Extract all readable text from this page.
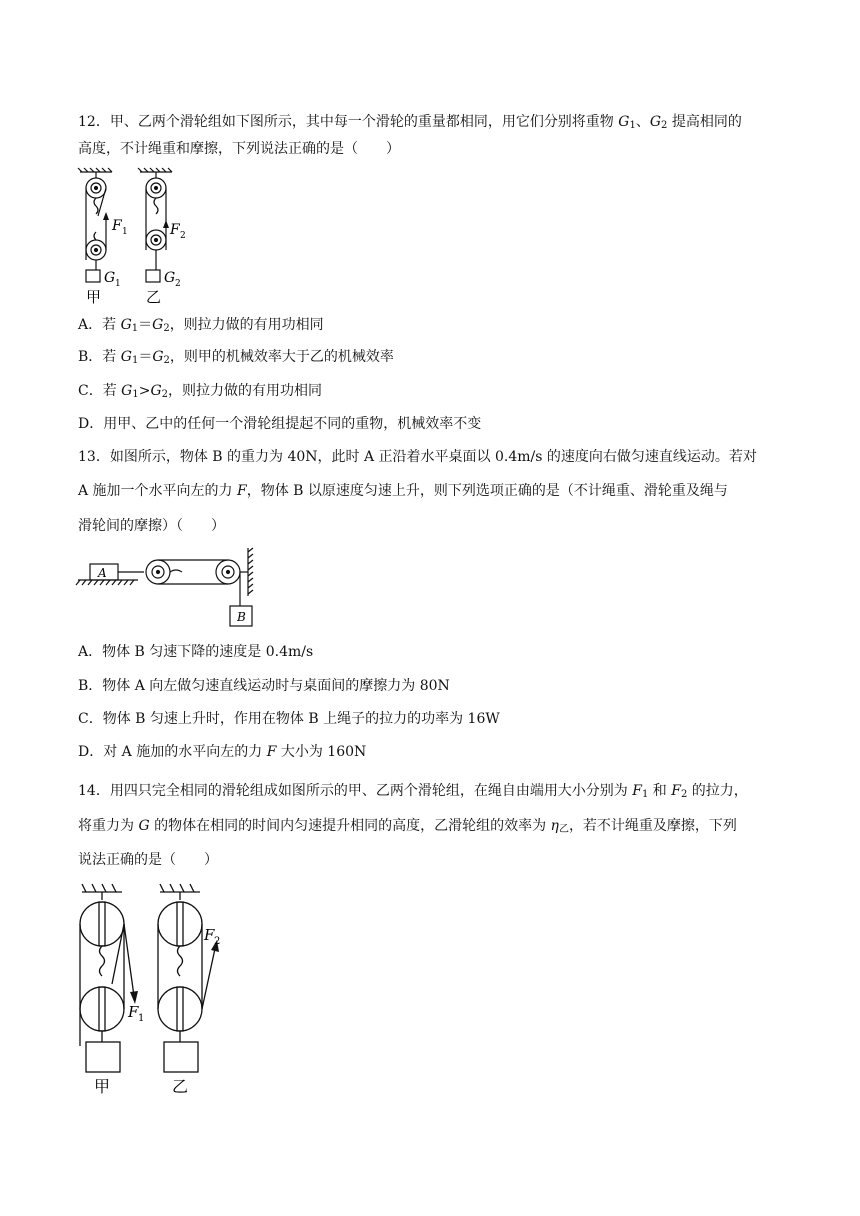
12．甲、乙两个滑轮组如下图所示，其中每一个滑轮的重量都相同，用它们分别将重物 $G_1$、$G_2$ 提高相同的
高度，不计绳重和摩擦，下列说法正确的是（　　）
F 1
G 1
甲
F 2
G 2
乙
A．若 $G_1=G_2$，则拉力做的有用功相同
B．若 $G_1=G_2$，则甲的机械效率大于乙的机械效率
C．若 $G_1>G_2$，则拉力做的有用功相同
D．用甲、乙中的任何一个滑轮组提起不同的重物，机械效率不变
13．如图所示，物体 B 的重力为 40N，此时 A 正沿着水平桌面以 0.4m/s 的速度向右做匀速直线运动。若对
A 施加一个水平向左的力 F，物体 B 以原速度匀速上升，则下列选项正确的是（不计绳重、滑轮重及绳与
滑轮间的摩擦）（　　）
A
B
A．物体 B 匀速下降的速度是 0.4m/s
B．物体 A 向左做匀速直线运动时与桌面间的摩擦力为 80N
C．物体 B 匀速上升时，作用在物体 B 上绳子的拉力的功率为 16W
D．对 A 施加的水平向左的力 F 大小为 160N
14．用四只完全相同的滑轮组成如图所示的甲、乙两个滑轮组，在绳自由端用大小分别为 $F_1$ 和 $F_2$ 的拉力，
将重力为 G 的物体在相同的时间内匀速提升相同的高度，乙滑轮组的效率为 $\eta_乙$，若不计绳重及摩擦，下列
说法正确的是（　　）
F 1
甲
F 2
乙
